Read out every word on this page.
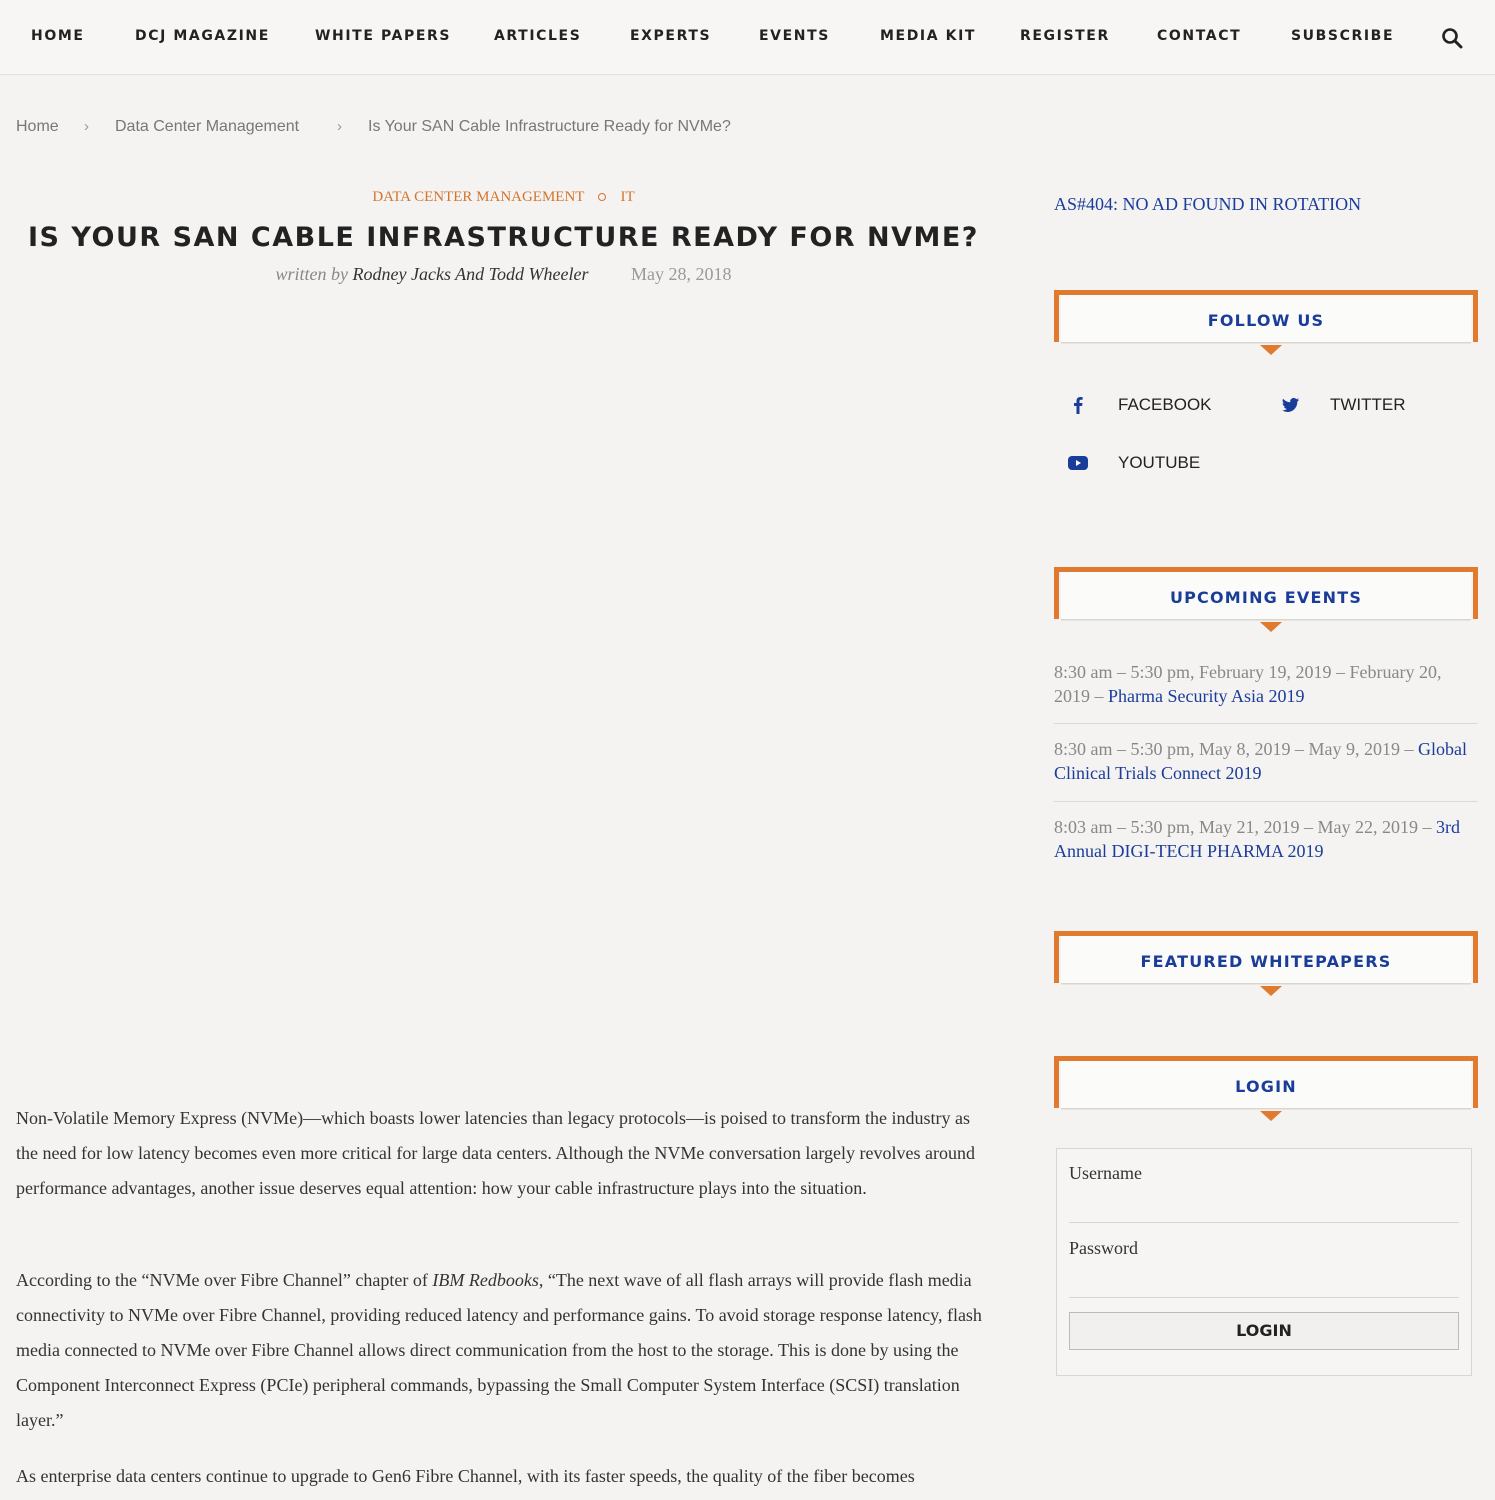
HOME	DCJ MAGAZINE	WHITE PAPERS	ARTICLES	EXPERTS	EVENTS	MEDIA KIT	REGISTER	CONTACT	SUBSCRIBE
Home › Data Center Management	› Is Your SAN Cable Infrastructure Ready for NVMe?
DATA CENTER MANAGEMENT IT
IS YOUR SAN CABLE INFRASTRUCTURE READY FOR NVME?
written by Rodney Jacks And Todd Wheeler May 28, 2018

Non-Volatile Memory Express (NVMe)—which boasts lower latencies than legacy protocols—is poised to transform the industry as the need for low latency becomes even more critical for large data centers. Although the NVMe conversation largely revolves around performance advantages, another issue deserves equal attention: how your cable infrastructure plays into the situation.

According to the “NVMe over Fibre Channel” chapter of IBM Redbooks, “The next wave of all flash arrays will provide flash media connectivity to NVMe over Fibre Channel, providing reduced latency and performance gains. To avoid storage response latency, flash media connected to NVMe over Fibre Channel allows direct communication from the host to the storage. This is done by using the Component Interconnect Express (PCIe) peripheral commands, bypassing the Small Computer System Interface (SCSI) translation layer.”

As enterprise data centers continue to upgrade to Gen6 Fibre Channel, with its faster speeds, the quality of the fiber becomes

AS#404: NO AD FOUND IN ROTATION
FOLLOW US
FACEBOOK	TWITTER
YOUTUBE
UPCOMING EVENTS
8:30 am – 5:30 pm, February 19, 2019 – February 20, 2019 – Pharma Security Asia 2019
8:30 am – 5:30 pm, May 8, 2019 – May 9, 2019 – Global Clinical Trials Connect 2019
8:03 am – 5:30 pm, May 21, 2019 – May 22, 2019 – 3rd Annual DIGI-TECH PHARMA 2019
FEATURED WHITEPAPERS
LOGIN
Username
Password
LOGIN
